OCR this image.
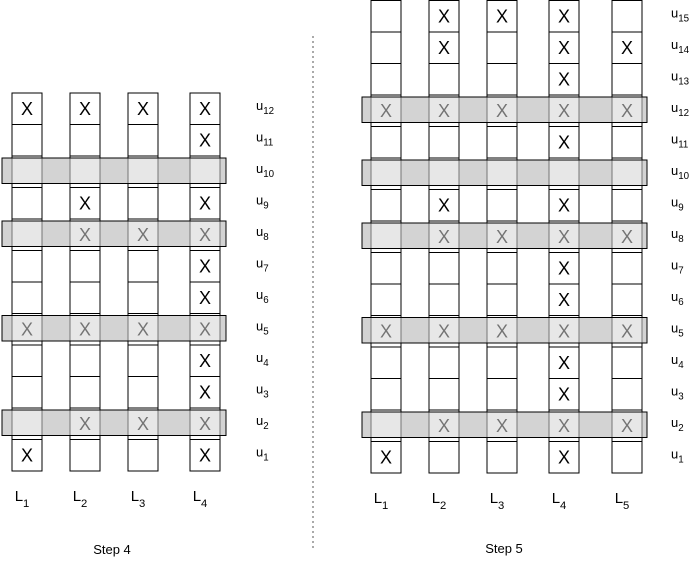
X
X
$L_1$
X
X
$L_2$
X
$L_3$
X
X
X
X
X
X
X
X
$L_4$
$u_1$
$u_2$
$u_3$
$u_4$
$u_5$
$u_6$
$u_7$
$u_8$
$u_9$
$u_{10}$
$u_{11}$
$u_{12}$
Step 4
X
$L_1$
X
X
X
$L_2$
X
$L_3$
X
X
X
X
X
X
X
X
X
X
$L_4$
X
$L_5$
$u_1$
$u_2$
$u_3$
$u_4$
$u_5$
$u_6$
$u_7$
$u_8$
$u_9$
$u_{10}$
$u_{11}$
$u_{12}$
$u_{13}$
$u_{14}$
$u_{15}$
Step 5
